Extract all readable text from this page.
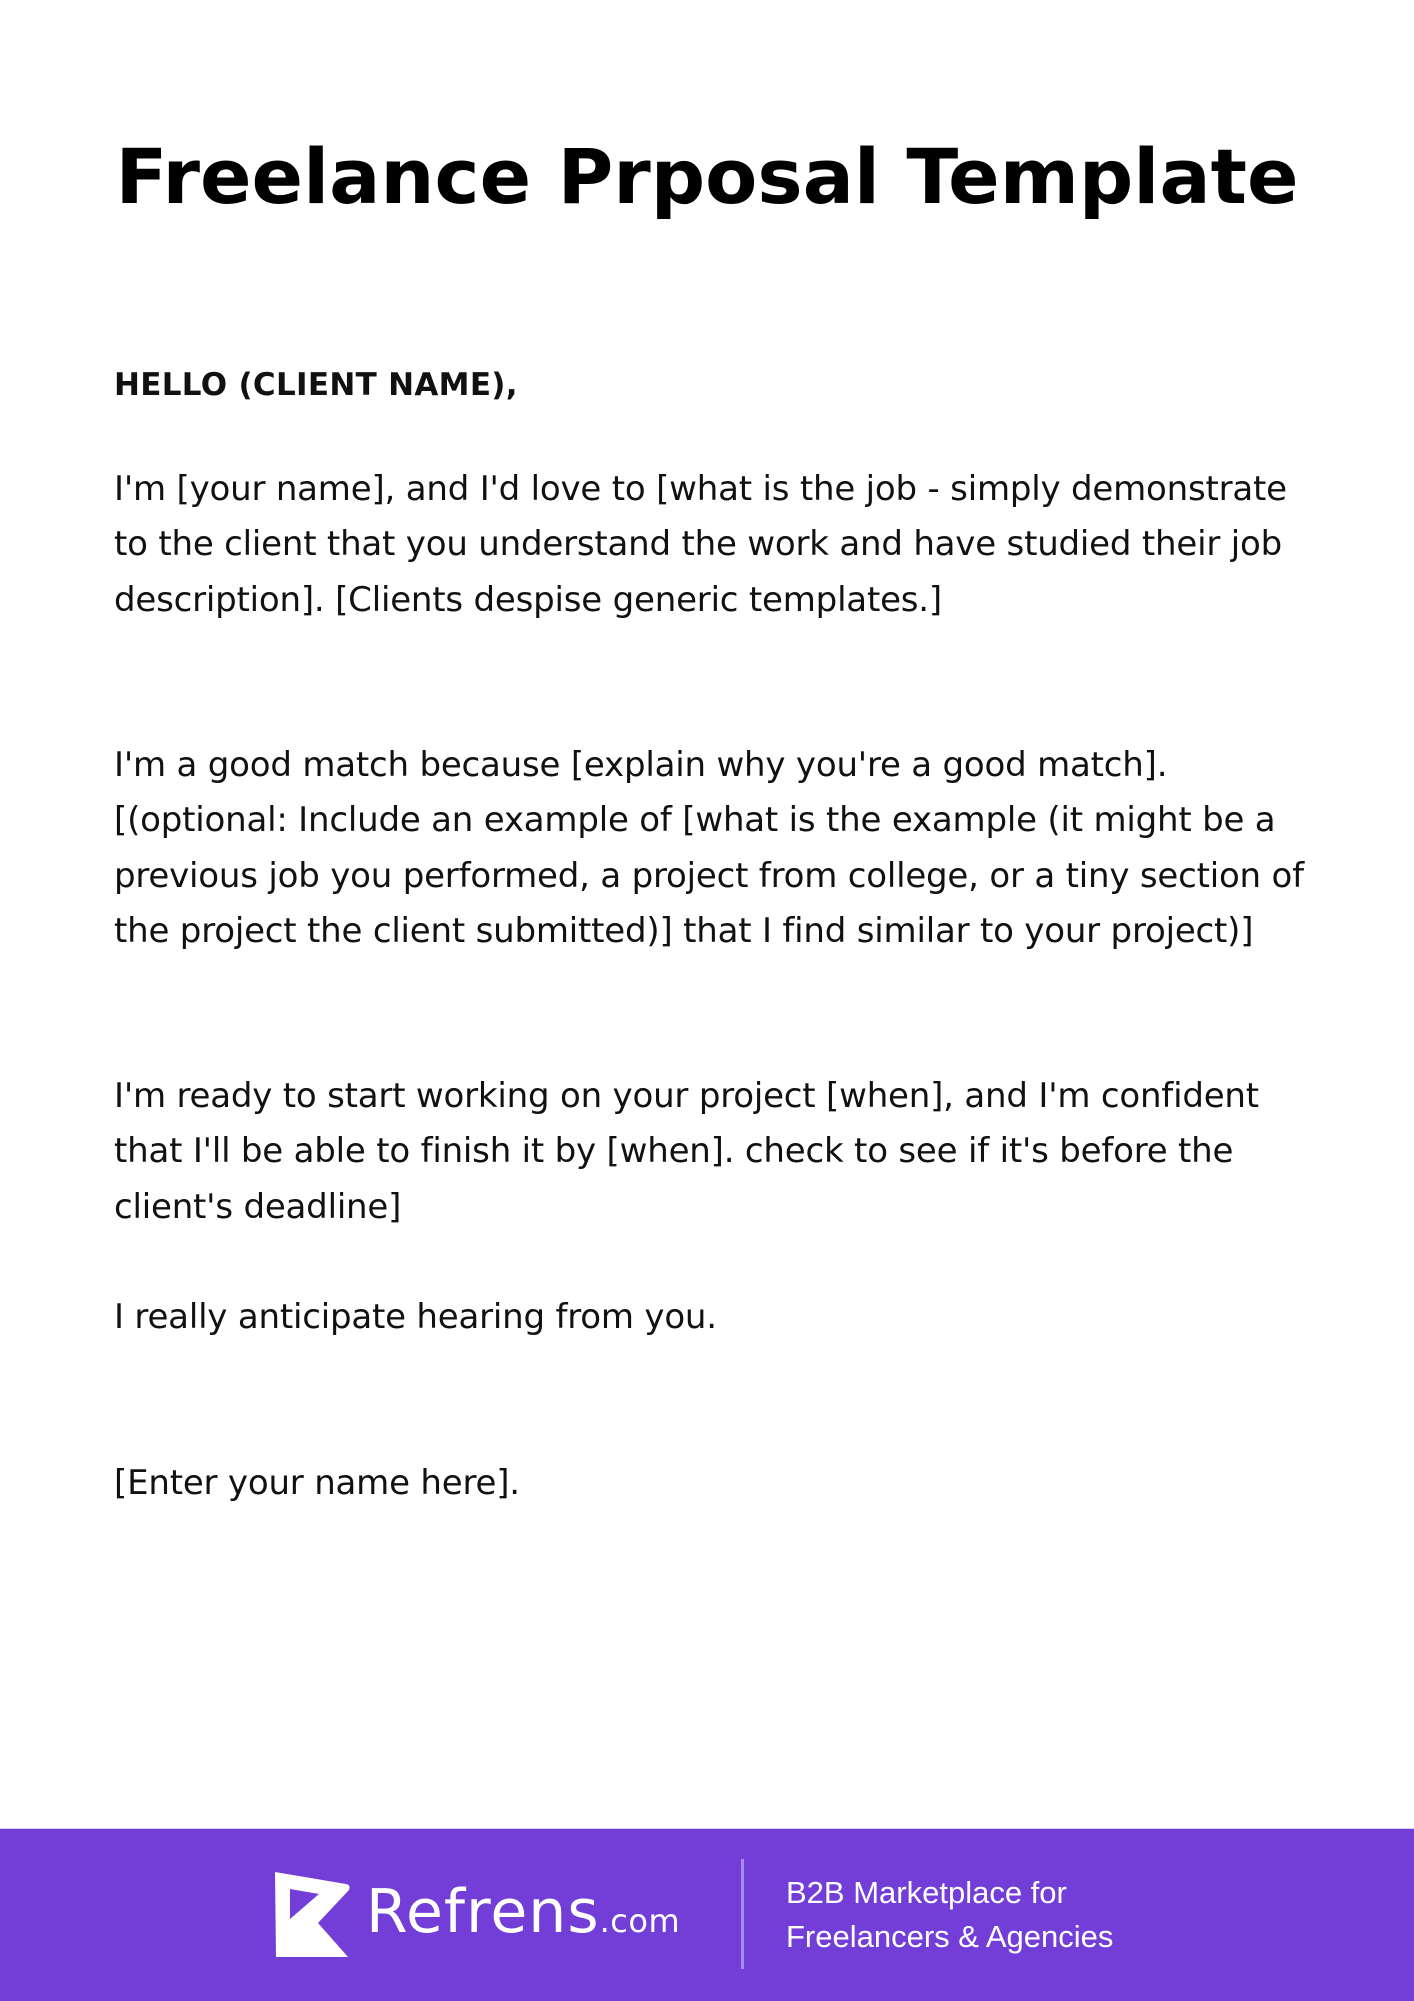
Freelance Prposal Template

HELLO (CLIENT NAME),

I'm [your name], and I'd love to [what is the job - simply demonstrate to the client that you understand the work and have studied their job description]. [Clients despise generic templates.]

I'm a good match because [explain why you're a good match]. [(optional: Include an example of [what is the example (it might be a previous job you performed, a project from college, or a tiny section of the project the client submitted)] that I find similar to your project)]

I'm ready to start working on your project [when], and I'm confident that I'll be able to finish it by [when]. check to see if it's before the client's deadline]

I really anticipate hearing from you.

[Enter your name here].

Refrens.com
B2B Marketplace for
Freelancers & Agencies
